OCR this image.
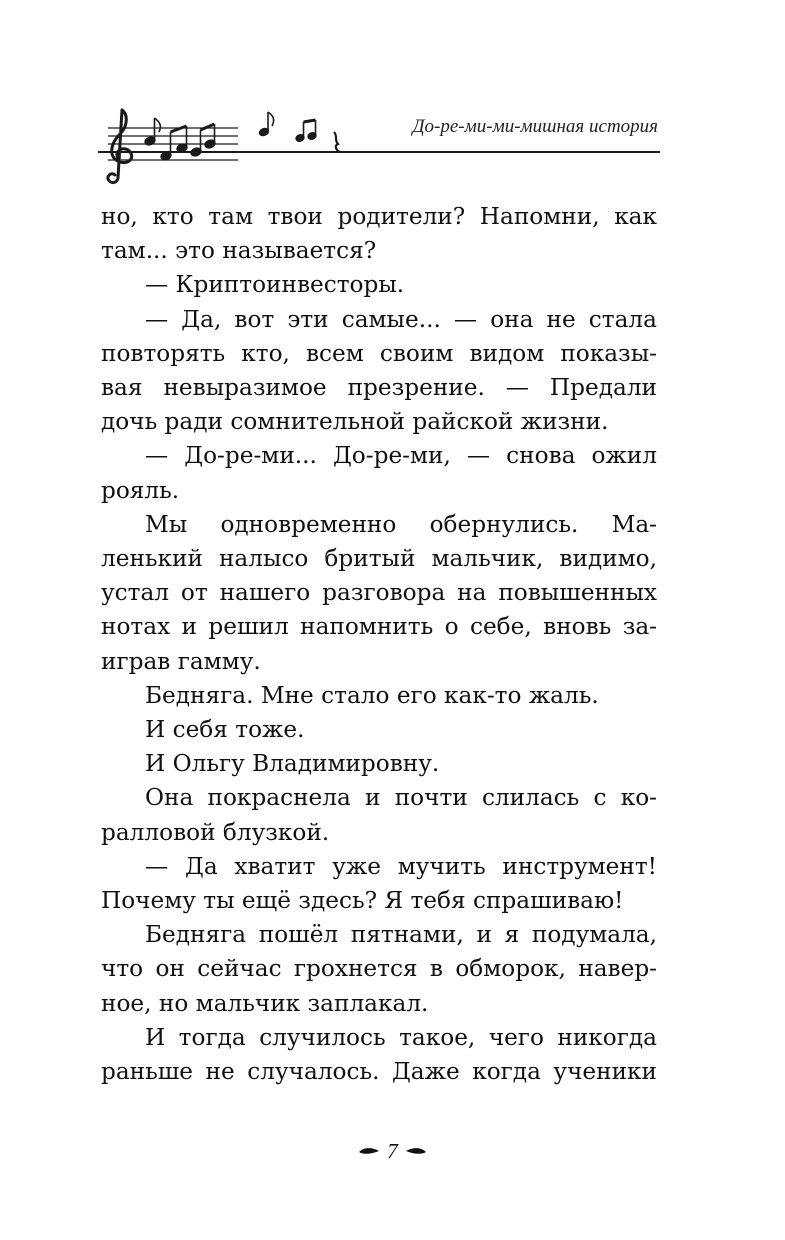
До-ре-ми-ми-мишная история

но, кто там твои родители? Напомни, как

там... это называется?

— Криптоинвесторы.

— Да, вот эти самые... — она не стала

повторять кто, всем своим видом показы-

вая невыразимое презрение. — Предали

дочь ради сомнительной райской жизни.

— До-ре-ми... До-ре-ми, — снова ожил

рояль.

Мы одновременно обернулись. Ма-

ленький налысо бритый мальчик, видимо,

устал от нашего разговора на повышенных

нотах и решил напомнить о себе, вновь за-

играв гамму.

Бедняга. Мне стало его как-то жаль.

И себя тоже.

И Ольгу Владимировну.

Она покраснела и почти слилась с ко-

ралловой блузкой.

— Да хватит уже мучить инструмент!

Почему ты ещё здесь? Я тебя спрашиваю!

Бедняга пошёл пятнами, и я подумала,

что он сейчас грохнется в обморок, навер-

ное, но мальчик заплакал.

И тогда случилось такое, чего никогда

раньше не случалось. Даже когда ученики

7
